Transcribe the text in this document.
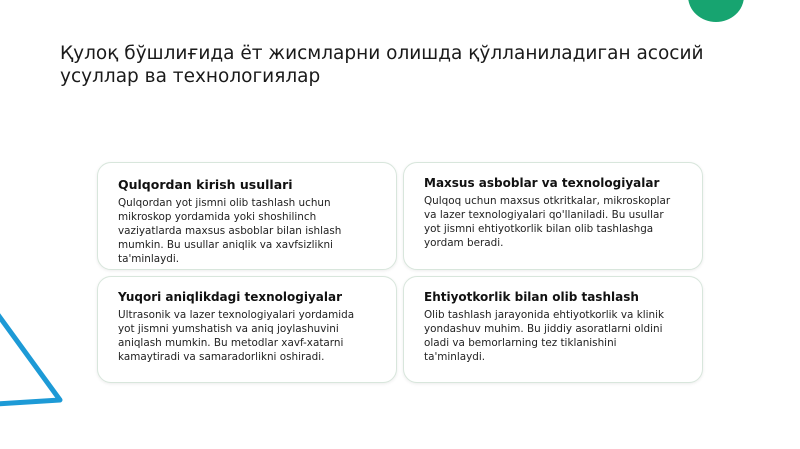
Қулоқ бўшлиғида ёт жисмларни олишда қўлланиладиган асосий
усуллар ва технологиялар
Qulqordan kirish usullari
Qulqordan yot jismni olib tashlash uchun
mikroskop yordamida yoki shoshilinch
vaziyatlarda maxsus asboblar bilan ishlash
mumkin. Bu usullar aniqlik va xavfsizlikni
ta'minlaydi.
Maxsus asboblar va texnologiyalar
Qulqoq uchun maxsus otkritkalar, mikroskoplar
va lazer texnologiyalari qo'llaniladi. Bu usullar
yot jismni ehtiyotkorlik bilan olib tashlashga
yordam beradi.
Yuqori aniqlikdagi texnologiyalar
Ultrasonik va lazer texnologiyalari yordamida
yot jismni yumshatish va aniq joylashuvini
aniqlash mumkin. Bu metodlar xavf-xatarni
kamaytiradi va samaradorlikni oshiradi.
Ehtiyotkorlik bilan olib tashlash
Olib tashlash jarayonida ehtiyotkorlik va klinik
yondashuv muhim. Bu jiddiy asoratlarni oldini
oladi va bemorlarning tez tiklanishini
ta'minlaydi.
